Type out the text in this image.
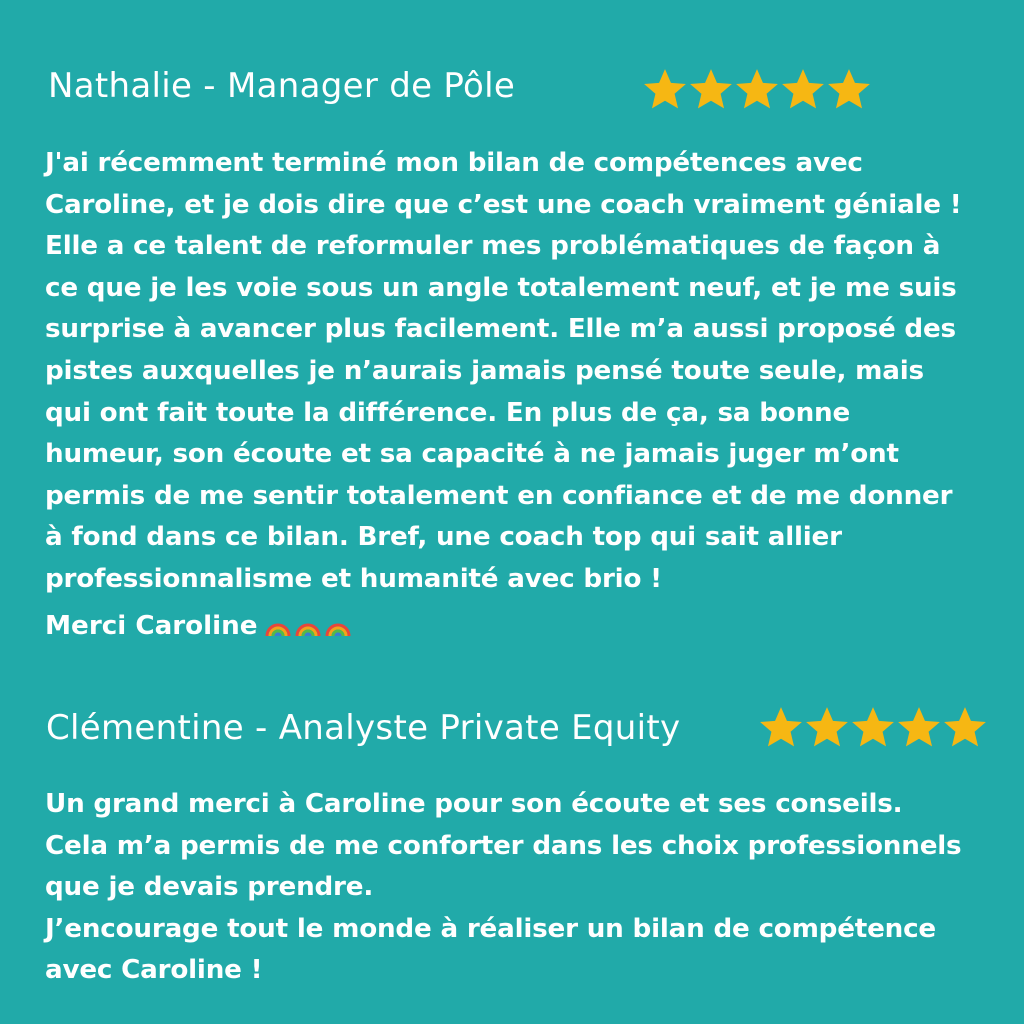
Nathalie - Manager de Pôle
J'ai récemment terminé mon bilan de compétences avec
Caroline, et je dois dire que c’est une coach vraiment géniale !
Elle a ce talent de reformuler mes problématiques de façon à
ce que je les voie sous un angle totalement neuf, et je me suis
surprise à avancer plus facilement. Elle m’a aussi proposé des
pistes auxquelles je n’aurais jamais pensé toute seule, mais
qui ont fait toute la différence. En plus de ça, sa bonne
humeur, son écoute et sa capacité à ne jamais juger m’ont
permis de me sentir totalement en confiance et de me donner
à fond dans ce bilan. Bref, une coach top qui sait allier
professionnalisme et humanité avec brio !
Merci Caroline
Clémentine - Analyste Private Equity
Un grand merci à Caroline pour son écoute et ses conseils.
Cela m’a permis de me conforter dans les choix professionnels
que je devais prendre.
J’encourage tout le monde à réaliser un bilan de compétence
avec Caroline !
